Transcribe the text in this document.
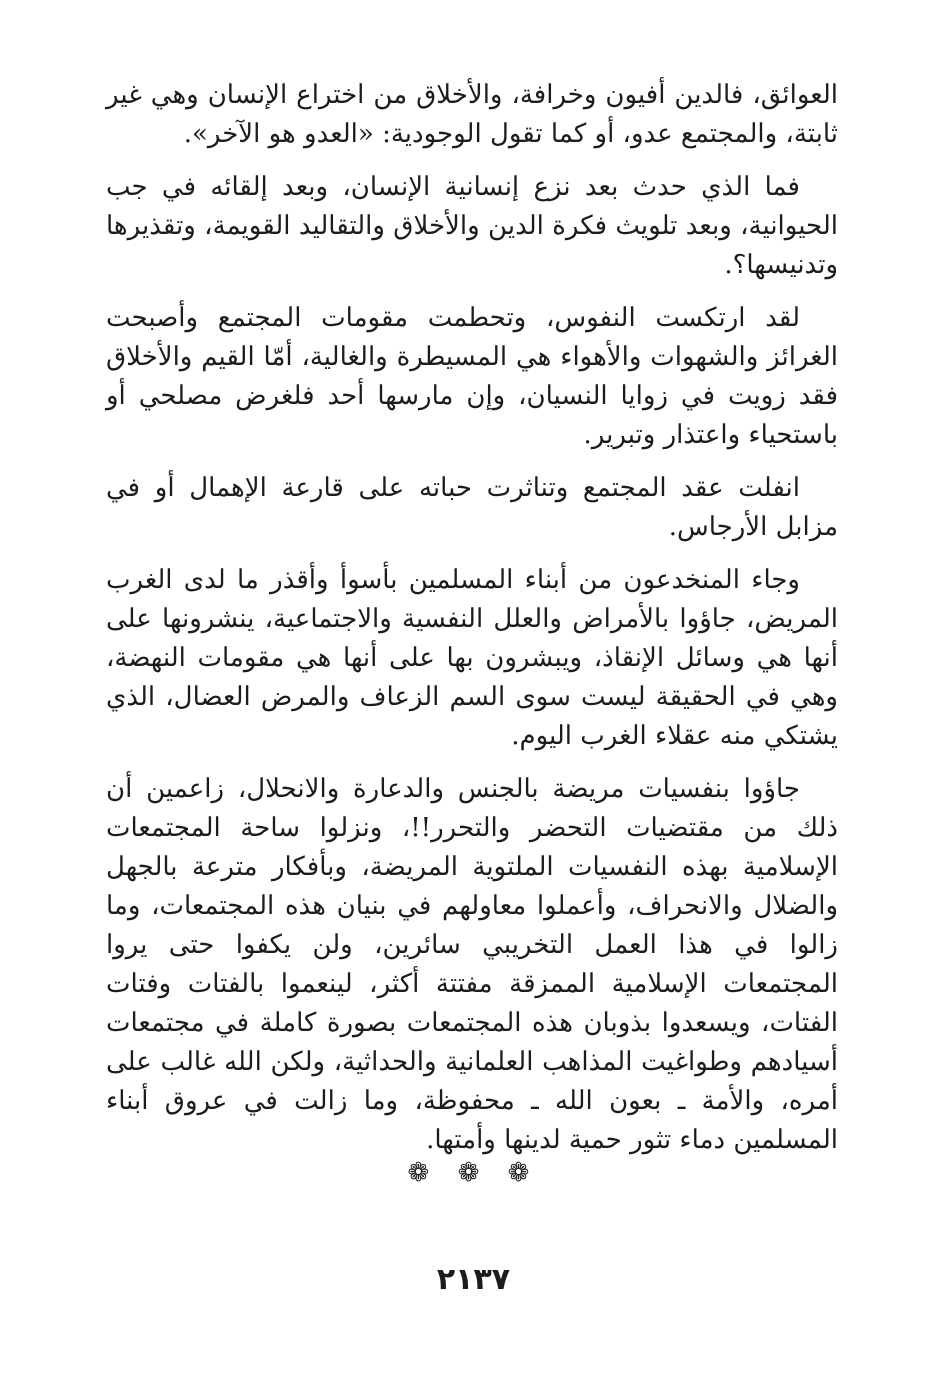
العوائق، فالدين أفيون وخرافة، والأخلاق من اختراع الإنسان وهي غير ثابتة، والمجتمع عدو، أو كما تقول الوجودية: «العدو هو الآخر».

فما الذي حدث بعد نزع إنسانية الإنسان، وبعد إلقائه في جب الحيوانية، وبعد تلويث فكرة الدين والأخلاق والتقاليد القويمة، وتقذيرها وتدنيسها؟.

لقد ارتكست النفوس، وتحطمت مقومات المجتمع وأصبحت الغرائز والشهوات والأهواء هي المسيطرة والغالية، أمّا القيم والأخلاق فقد زويت في زوايا النسيان، وإن مارسها أحد فلغرض مصلحي أو باستحياء واعتذار وتبرير.

انفلت عقد المجتمع وتناثرت حباته على قارعة الإهمال أو في مزابل الأرجاس.

وجاء المنخدعون من أبناء المسلمين بأسوأ وأقذر ما لدى الغرب المريض، جاؤوا بالأمراض والعلل النفسية والاجتماعية، ينشرونها على أنها هي وسائل الإنقاذ، ويبشرون بها على أنها هي مقومات النهضة، وهي في الحقيقة ليست سوى السم الزعاف والمرض العضال، الذي يشتكي منه عقلاء الغرب اليوم.

جاؤوا بنفسيات مريضة بالجنس والدعارة والانحلال، زاعمين أن ذلك من مقتضيات التحضر والتحرر!!، ونزلوا ساحة المجتمعات الإسلامية بهذه النفسيات الملتوية المريضة، وبأفكار مترعة بالجهل والضلال والانحراف، وأعملوا معاولهم في بنيان هذه المجتمعات، وما زالوا في هذا العمل التخريبي سائرين، ولن يكفوا حتى يروا المجتمعات الإسلامية الممزقة مفتتة أكثر، لينعموا بالفتات وفتات الفتات، ويسعدوا بذوبان هذه المجتمعات بصورة كاملة في مجتمعات أسيادهم وطواغيت المذاهب العلمانية والحداثية، ولكن الله غالب على أمره، والأمة ـ بعون الله ـ محفوظة، وما زالت في عروق أبناء المسلمين دماء تثور حمية لدينها وأمتها.

❁ ❁ ❁
٢١٣٧
